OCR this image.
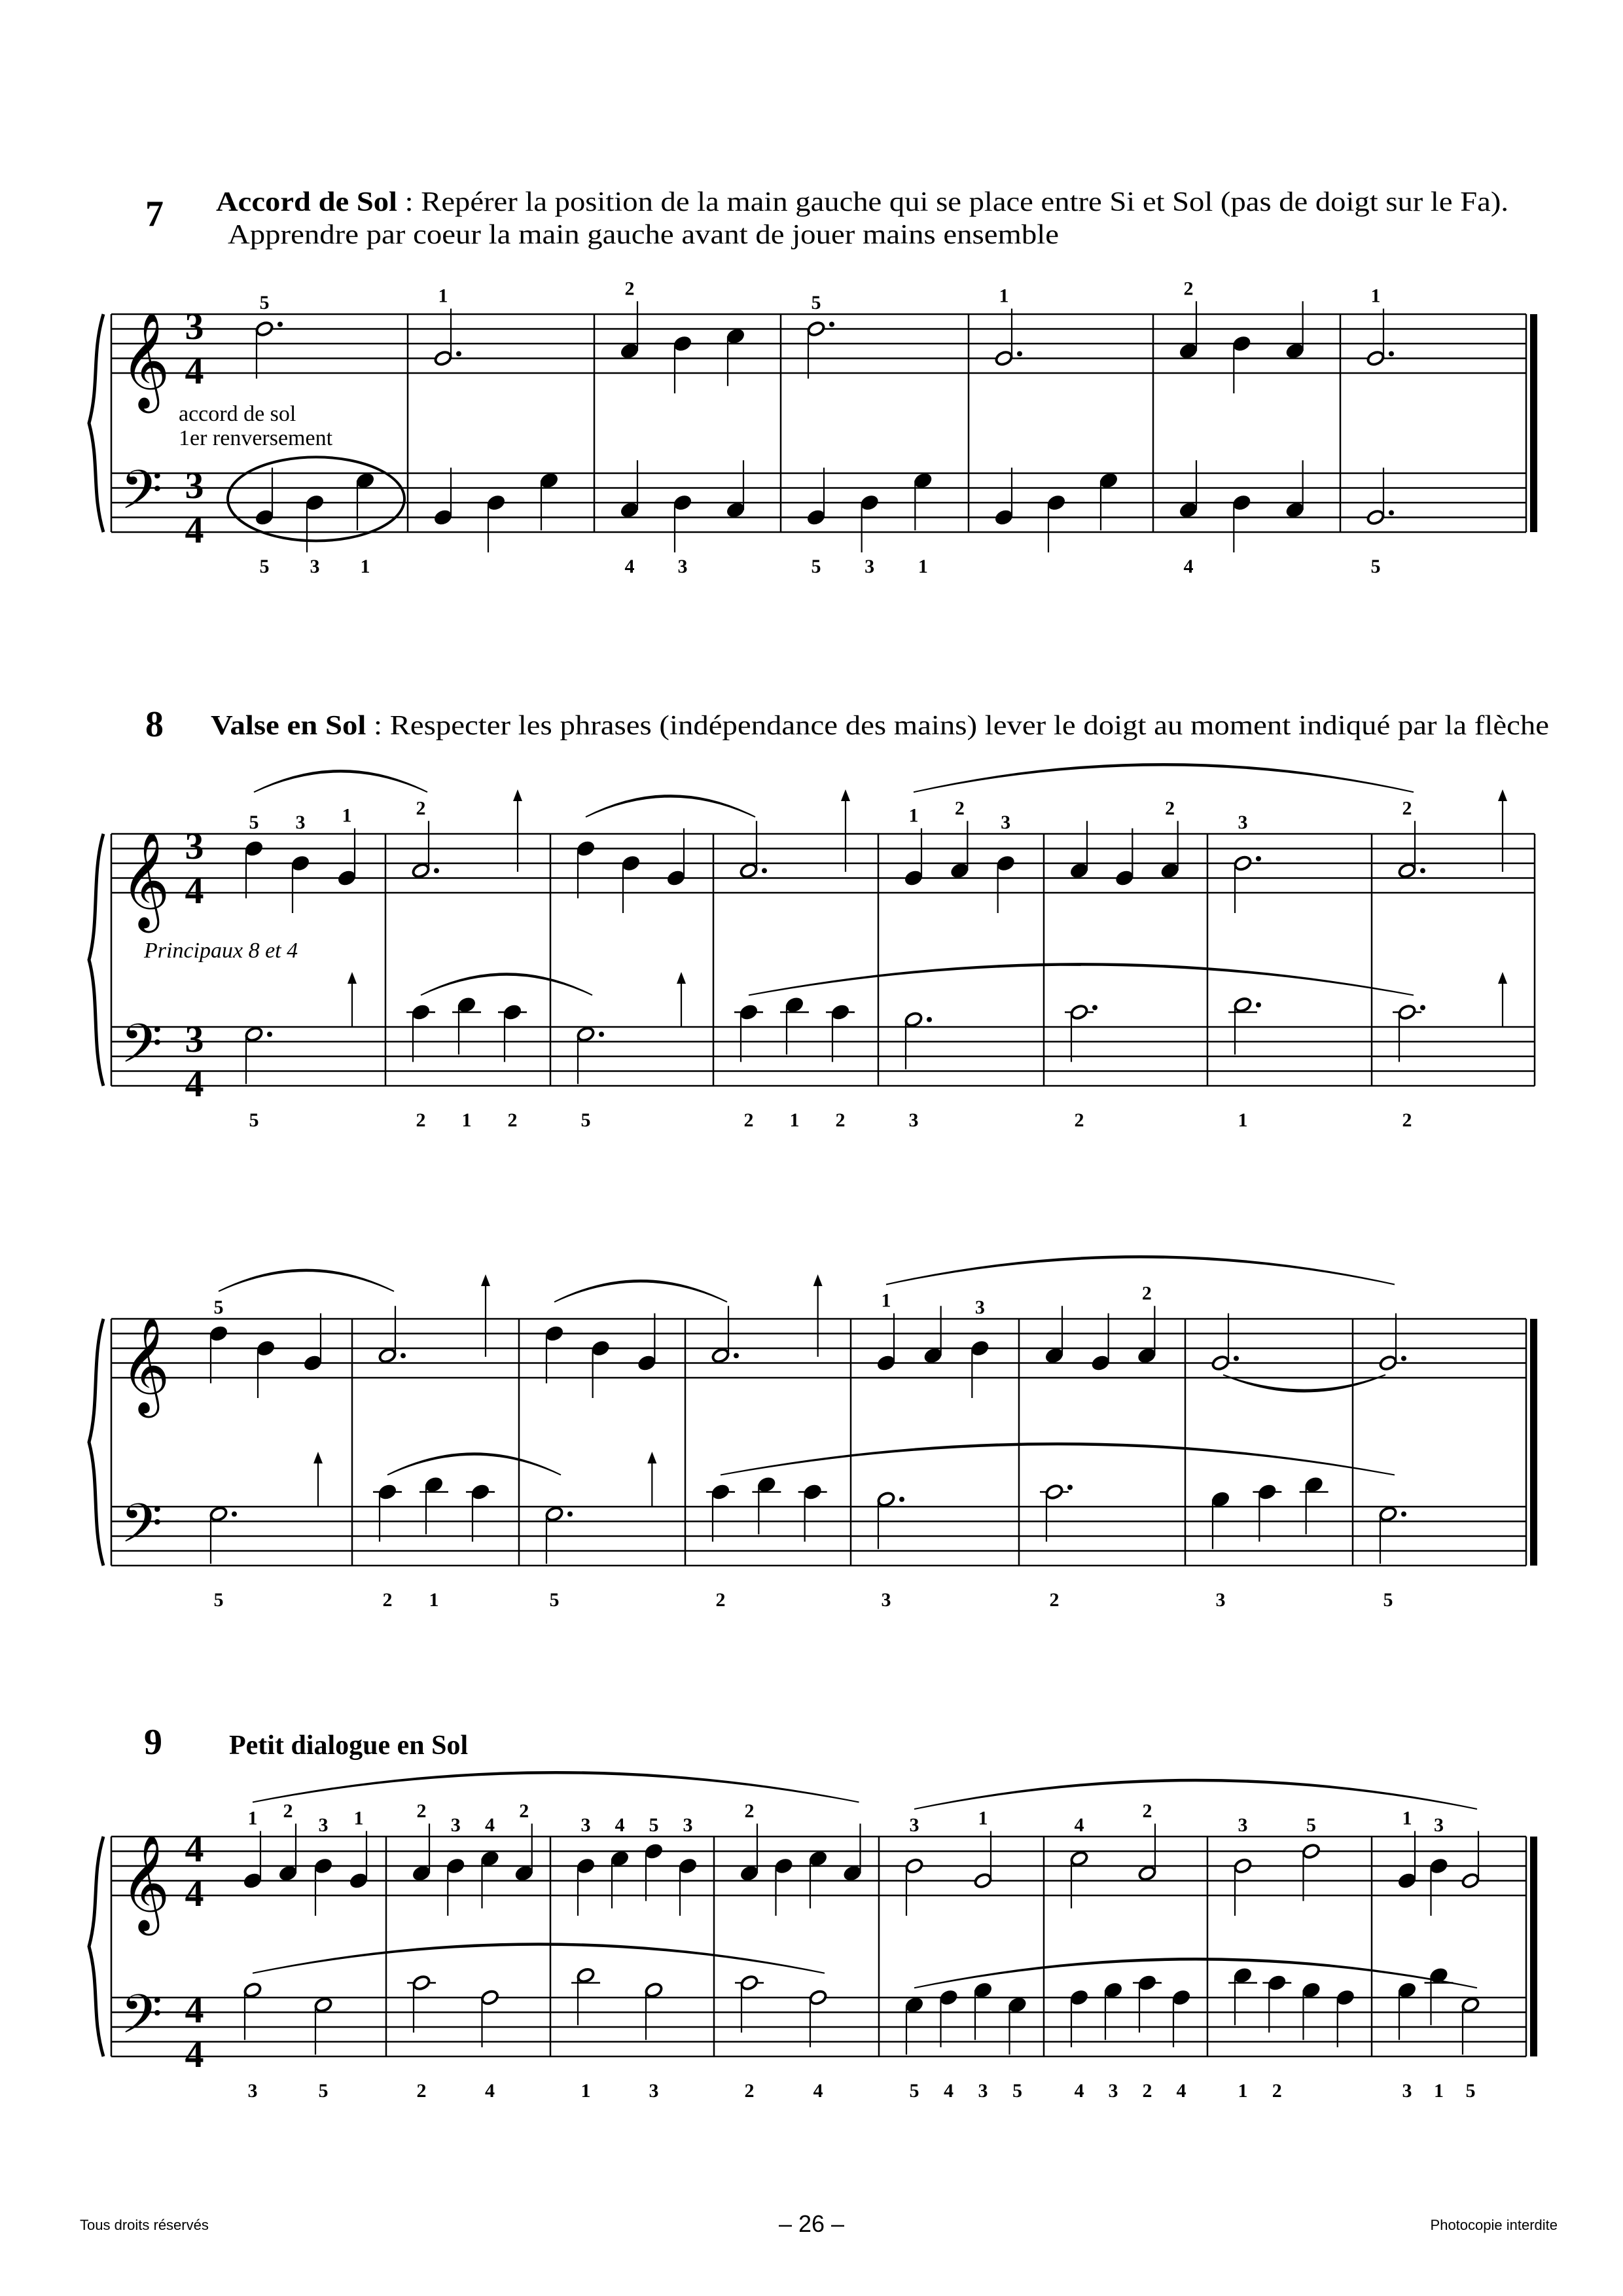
𝄞
𝄢
3
4
3
4
5	1	2
5	1	2	1
5 3 1	4 3	5 3 1	4	5
𝄞
𝄢
3
4
3
4
5 3 1	2	1 2
3
2
3
2
5	2 1 2	5	2 1 2	3	2	1	2
𝄞
𝄢
5	1	3
2
5	2 1	5	2	3	2	3	5
𝄞
𝄢
4
4
4
4
1 2
3 1	2
3 4
2
3 4 5 3
2
3	1	4
2
3	5	1 3
3	5	2	4	1	3	2	4	5 4 3 5	4 3 2 4	1 2	3 1 5
7 Accord de Sol : Repérer la position de la main gauche qui se place entre Si et Sol (pas de doigt sur le Fa).
Apprendre par coeur la main gauche avant de jouer mains ensemble
accord de sol
1er renversement
8 Valse en Sol : Respecter les phrases (indépendance des mains) lever le doigt au moment indiqué par la flèche
Principaux 8 et 4
9 Petit dialogue en Sol
Tous droits réservés	– 26 –	Photocopie interdite
